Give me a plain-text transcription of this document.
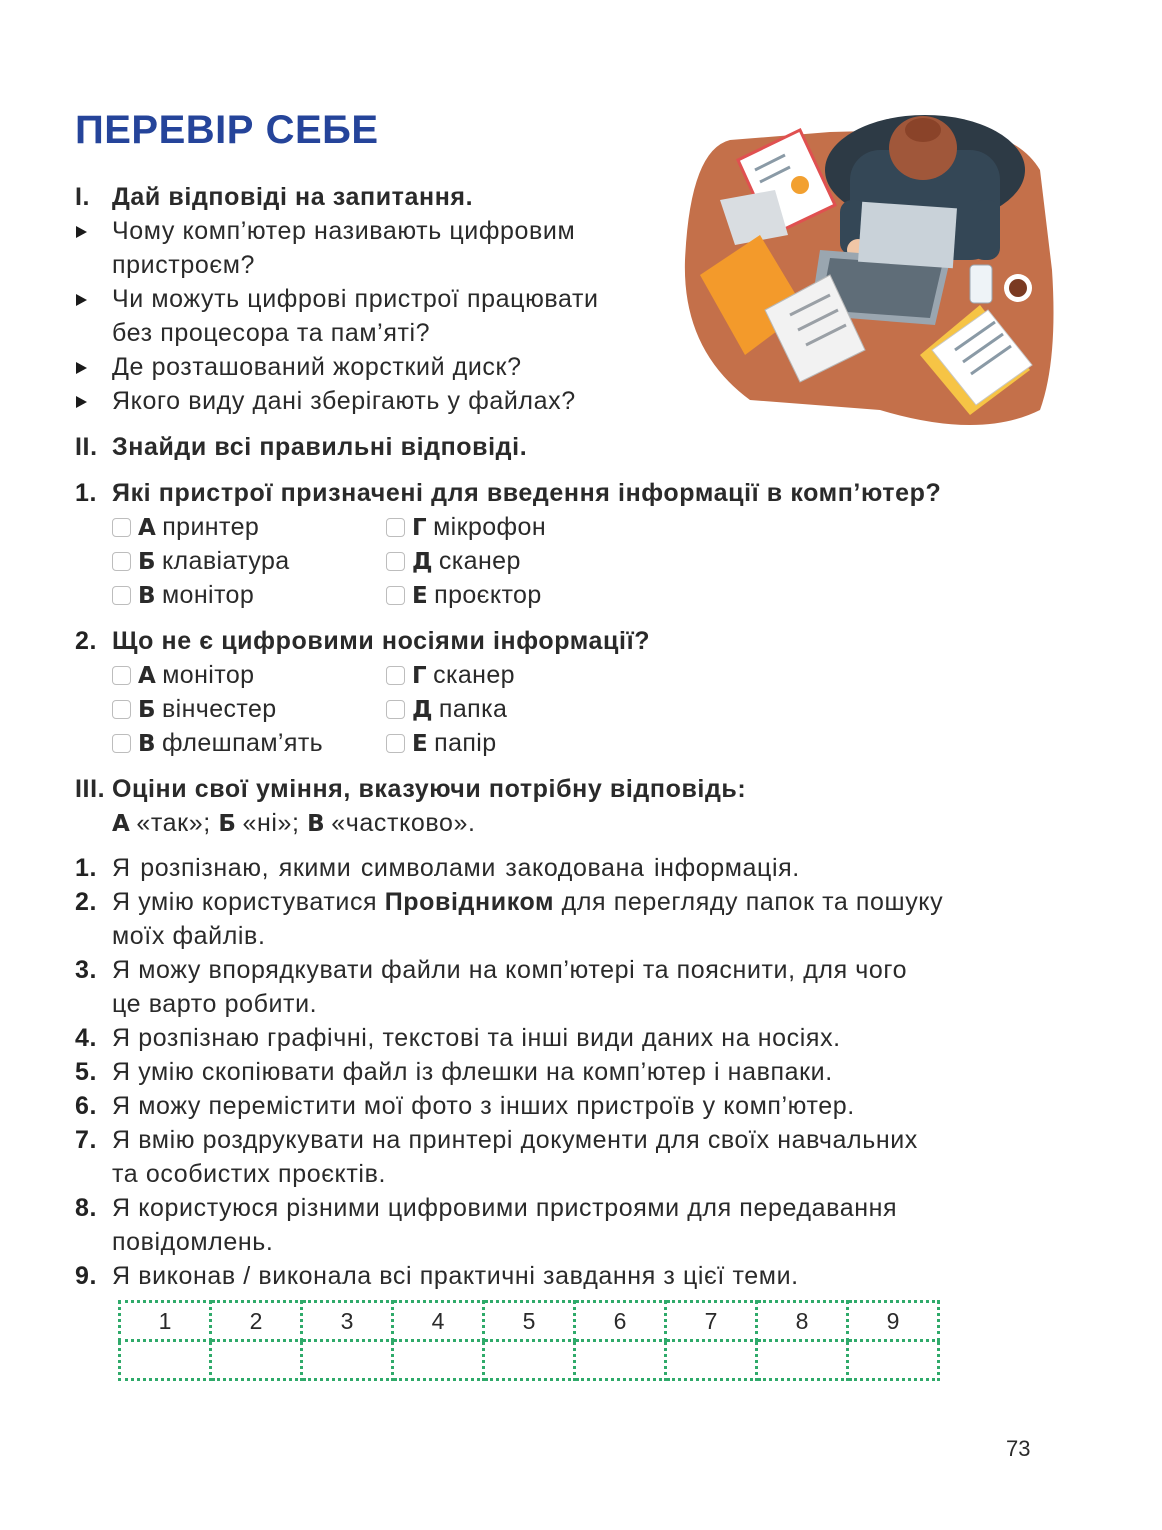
ПЕРЕВІР СЕБЕ
I. Дай відповіді на запитання.
Чому комп’ютер називають цифровим
пристроєм?
Чи можуть цифрові пристрої працювати
без процесора та пам’яті?
Де розташований жорсткий диск?
Якого виду дані зберігають у файлах?
II. Знайди всі правильні відповіді.
1. Які пристрої призначені для введення інформації в комп’ютер?
А принтер
Б клавіатура
В монітор
Г мікрофон
Д сканер
Е проєктор
2. Що не є цифровими носіями інформації?
А монітор
Б вінчестер
В флешпам’ять
Г сканер
Д папка
Е папір
III. Оціни свої уміння, вказуючи потрібну відповідь:
А «так»; Б «ні»; В «частково».
1. Я розпізнаю, якими символами закодована інформація.
2. Я умію користуватися Провідником для перегляду папок та пошуку
моїх файлів.
3. Я можу впорядкувати файли на комп’ютері та пояснити, для чого
це варто робити.
4. Я розпізнаю графічні, текстові та інші види даних на носіях.
5. Я умію скопіювати файл із флешки на комп’ютер і навпаки.
6. Я можу перемістити мої фото з інших пристроїв у комп’ютер.
7. Я вмію роздрукувати на принтері документи для своїх навчальних
та особистих проєктів.
8. Я користуюся різними цифровими пристроями для передавання
повідомлень.
9. Я виконав / виконала всі практичні завдання з цієї теми.
1	2	3	4	5	6	7	8	9

73
